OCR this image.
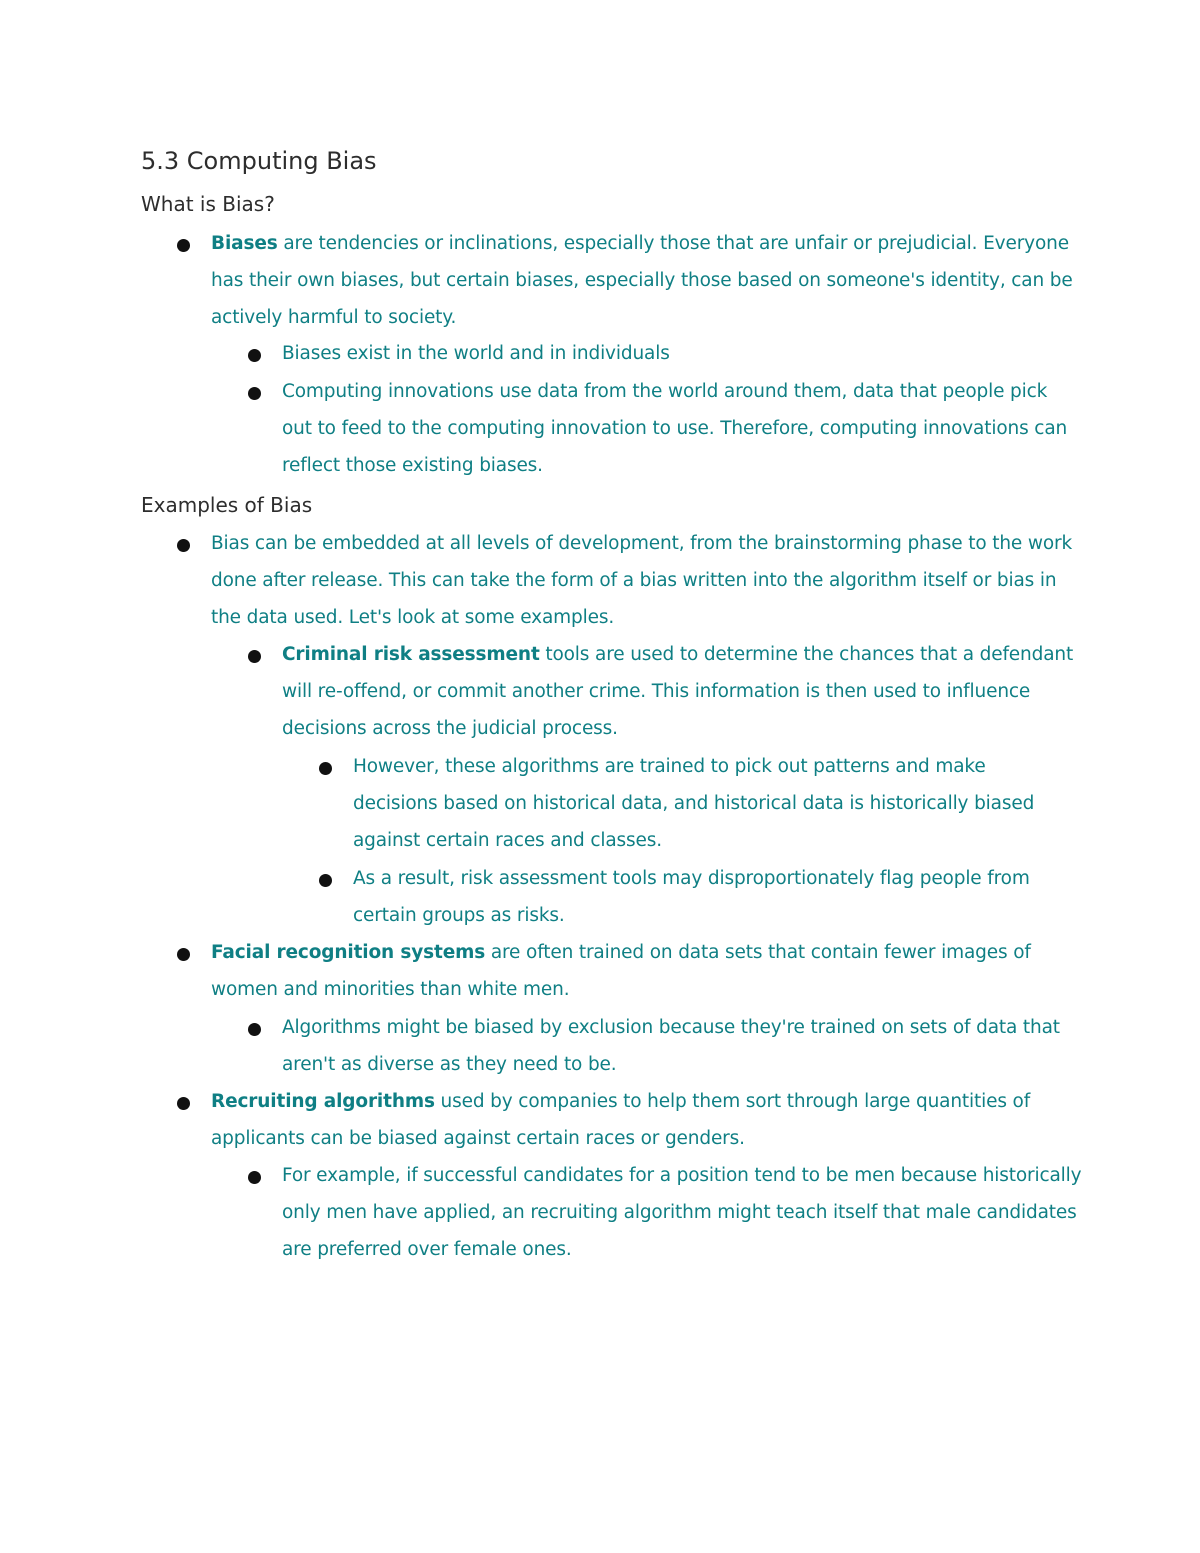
5.3 Computing Bias
What is Bias?
Biases are tendencies or inclinations, especially those that are unfair or prejudicial. Everyone has their own biases, but certain biases, especially those based on someone's identity, can be actively harmful to society.
Biases exist in the world and in individuals
Computing innovations use data from the world around them, data that people pick out to feed to the computing innovation to use. Therefore, computing innovations can reflect those existing biases.
Examples of Bias
Bias can be embedded at all levels of development, from the brainstorming phase to the work done after release. This can take the form of a bias written into the algorithm itself or bias in the data used. Let's look at some examples.
Criminal risk assessment tools are used to determine the chances that a defendant will re-offend, or commit another crime. This information is then used to influence decisions across the judicial process.
However, these algorithms are trained to pick out patterns and make decisions based on historical data, and historical data is historically biased against certain races and classes.
As a result, risk assessment tools may disproportionately flag people from certain groups as risks.
Facial recognition systems are often trained on data sets that contain fewer images of women and minorities than white men.
Algorithms might be biased by exclusion because they're trained on sets of data that aren't as diverse as they need to be.
Recruiting algorithms used by companies to help them sort through large quantities of applicants can be biased against certain races or genders.
For example, if successful candidates for a position tend to be men because historically only men have applied, an recruiting algorithm might teach itself that male candidates are preferred over female ones.
